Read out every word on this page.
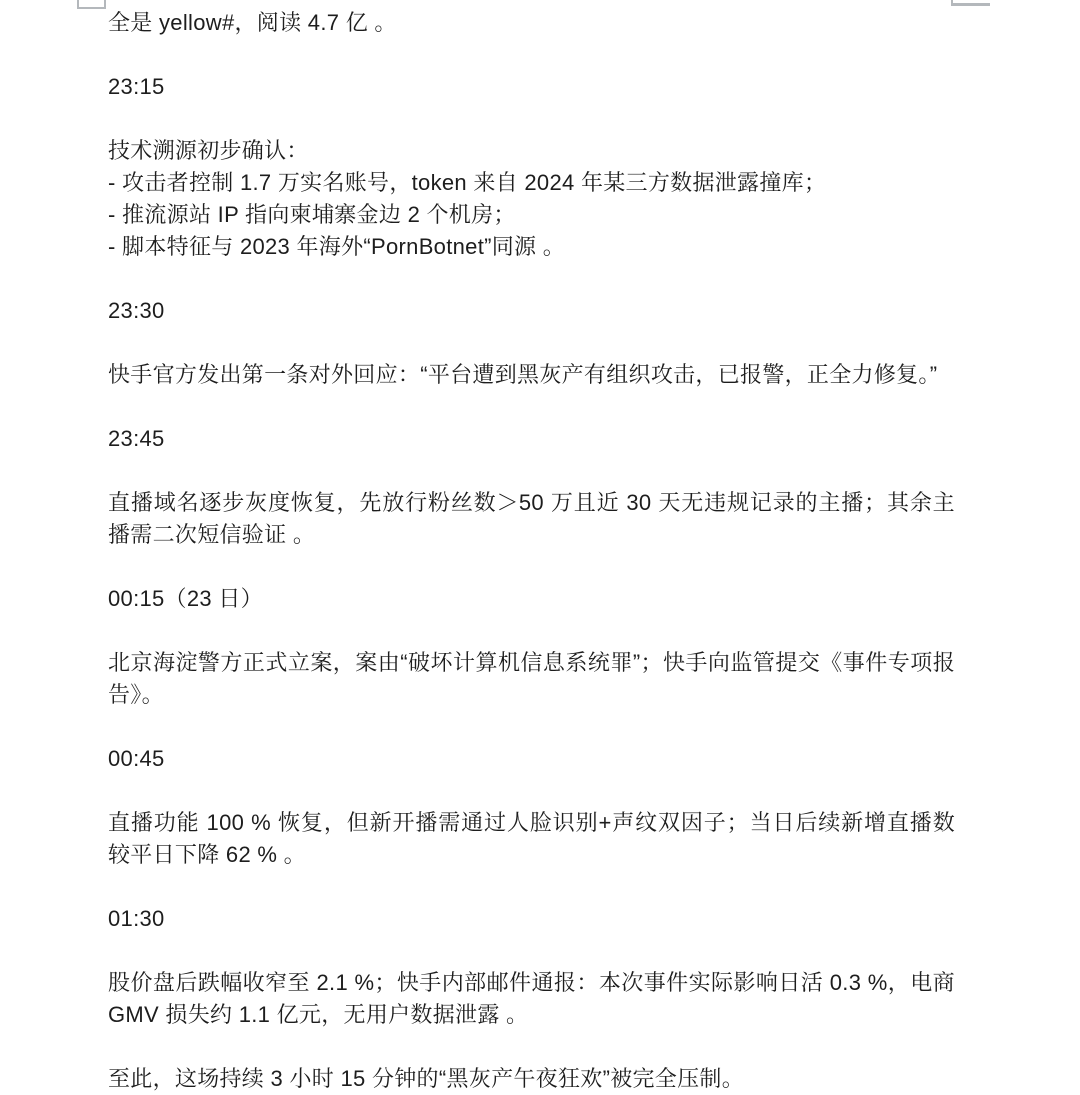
全是 yellow#，阅读 4.7 亿 。

23:15

技术溯源初步确认：

- 攻击者控制 1.7 万实名账号，token 来自 2024 年某三方数据泄露撞库；

- 推流源站 IP 指向柬埔寨金边 2 个机房；

- 脚本特征与 2023 年海外“PornBotnet”同源 。

23:30

快手官方发出第一条对外回应：“平台遭到黑灰产有组织攻击，已报警，正全力修复。”

23:45

直播域名逐步灰度恢复，先放行粉丝数＞50 万且近 30 天无违规记录的主播；其余主播需二次短信验证 。

00:15（23 日）

北京海淀警方正式立案，案由“破坏计算机信息系统罪”；快手向监管提交《事件专项报告》。

00:45

直播功能 100 % 恢复，但新开播需通过人脸识别+声纹双因子；当日后续新增直播数较平日下降 62 % 。

01:30

股价盘后跌幅收窄至 2.1 %；快手内部邮件通报：本次事件实际影响日活 0.3 %，电商 GMV 损失约 1.1 亿元，无用户数据泄露 。

至此，这场持续 3 小时 15 分钟的“黑灰产午夜狂欢”被完全压制。
